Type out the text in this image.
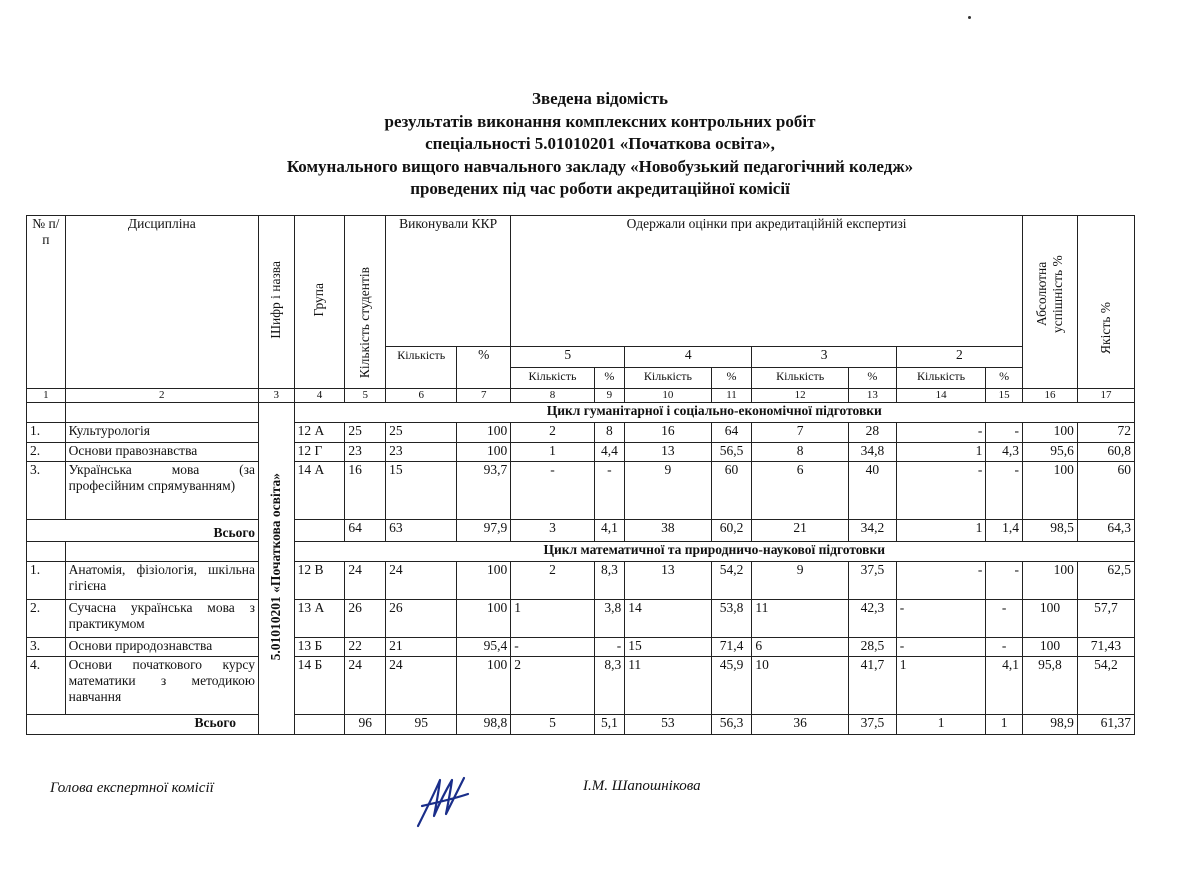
Зведена відомість
результатів виконання комплексних контрольних робіт
спеціальності 5.01010201 «Початкова освіта»,
Комунального вищого навчального закладу «Новобузький педагогічний коледж»
проведених під час роботи акредитаційної комісії
№ п/п	Дисципліна	Шифр і назва	Група	Кількість студентів	Виконували ККР		Одержали оцінки при акредитаційній експертизі								Абсолютна успішність %	Якість %
					Кількість	%	5		4		3		2			
							Кількість	%	Кількість	%	Кількість	%	Кількість	%		
1	2	3	4	5	6	7	8	9	10	11	12	13	14	15	16	17
		5.01010201 «Початкова освіта»	Цикл гуманітарної і соціально-економічної підготовки													
1.	Культурологія		12 А	25	25	100	2	8	16	64	7	28	-	-	100	72
2.	Основи правознавства		12 Г	23	23	100	1	4,4	13	56,5	8	34,8	1	4,3	95,6	60,8
3.	Українська мова (за професійним спрямуванням)		14 А	16	15	93,7	-	-	9	60	6	40	-	-	100	60
Всього				64	63	97,9	3	4,1	38	60,2	21	34,2	1	1,4	98,5	64,3
			Цикл математичної та природничо-наукової підготовки													
1.	Анатомія, фізіологія, шкільна гігієна		12 В	24	24	100	2	8,3	13	54,2	9	37,5	-	-	100	62,5
2.	Сучасна українська мова з практикумом		13 А	26	26	100	1	3,8	14	53,8	11	42,3	-	-	100	57,7
3.	Основи природознавства		13 Б	22	21	95,4	-	-	15	71,4	6	28,5	-	-	100	71,43
4.	Основи початкового курсу математики з методикою навчання		14 Б	24	24	100	2	8,3	11	45,9	10	41,7	1	4,1	95,8	54,2
Всього				96	95	98,8	5	5,1	53	56,3	36	37,5	1	1	98,9	61,37
Голова експертної комісії	І.М. Шапошнікова
